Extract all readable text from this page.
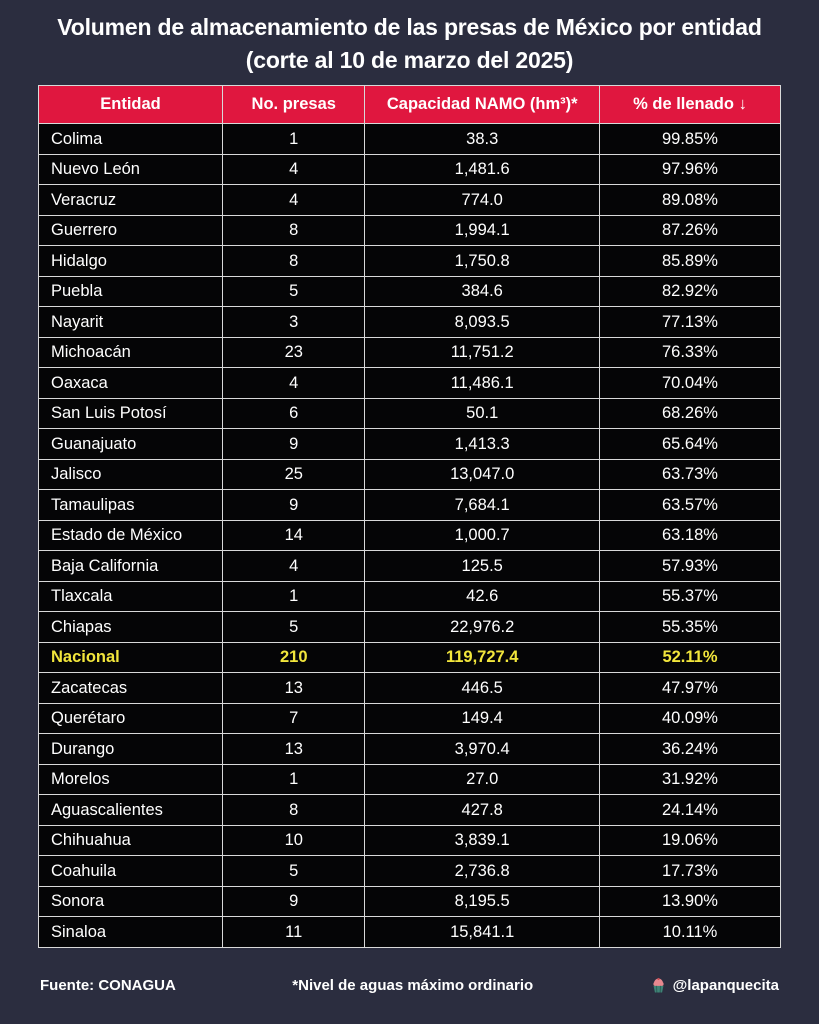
Volumen de almacenamiento de las presas de México por entidad
(corte al 10 de marzo del 2025)
Entidad	No. presas	Capacidad NAMO (hm³)*	% de llenado ↓
Colima	1	38.3	99.85%
Nuevo León	4	1,481.6	97.96%
Veracruz	4	774.0	89.08%
Guerrero	8	1,994.1	87.26%
Hidalgo	8	1,750.8	85.89%
Puebla	5	384.6	82.92%
Nayarit	3	8,093.5	77.13%
Michoacán	23	11,751.2	76.33%
Oaxaca	4	11,486.1	70.04%
San Luis Potosí	6	50.1	68.26%
Guanajuato	9	1,413.3	65.64%
Jalisco	25	13,047.0	63.73%
Tamaulipas	9	7,684.1	63.57%
Estado de México	14	1,000.7	63.18%
Baja California	4	125.5	57.93%
Tlaxcala	1	42.6	55.37%
Chiapas	5	22,976.2	55.35%
Nacional	210	119,727.4	52.11%
Zacatecas	13	446.5	47.97%
Querétaro	7	149.4	40.09%
Durango	13	3,970.4	36.24%
Morelos	1	27.0	31.92%
Aguascalientes	8	427.8	24.14%
Chihuahua	10	3,839.1	19.06%
Coahuila	5	2,736.8	17.73%
Sonora	9	8,195.5	13.90%
Sinaloa	11	15,841.1	10.11%
Fuente: CONAGUA	*Nivel de aguas máximo ordinario	@lapanquecita
